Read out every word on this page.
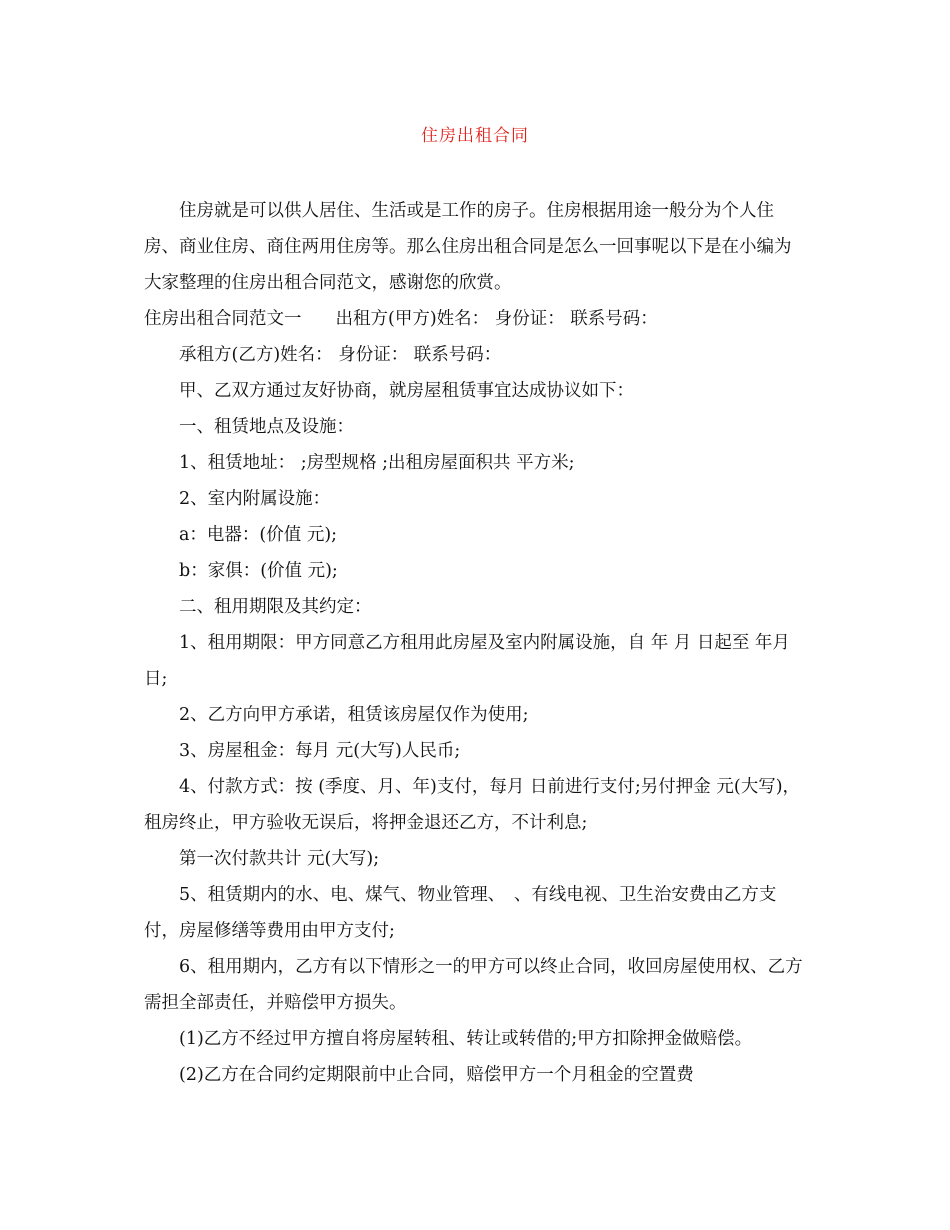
住房出租合同

住房就是可以供人居住、生活或是工作的房子。住房根据用途一般分为个人住房、商业住房、商住两用住房等。那么住房出租合同是怎么一回事呢以下是在小编为大家整理的住房出租合同范文，感谢您的欣赏。

住房出租合同范文一 出租方(甲方)姓名： 身份证： 联系号码：

承租方(乙方)姓名： 身份证： 联系号码：

甲、乙双方通过友好协商，就房屋租赁事宜达成协议如下：

一、租赁地点及设施：

1、租赁地址： ;房型规格 ;出租房屋面积共 平方米;

2、室内附属设施：

a：电器：(价值 元);

b：家俱：(价值 元);

二、租用期限及其约定：

1、租用期限：甲方同意乙方租用此房屋及室内附属设施，自 年 月 日起至 年月 日;

2、乙方向甲方承诺，租赁该房屋仅作为使用;

3、房屋租金：每月 元(大写)人民币;

4、付款方式：按 (季度、月、年)支付，每月 日前进行支付;另付押金 元(大写)，租房终止，甲方验收无误后，将押金退还乙方，不计利息;

第一次付款共计 元(大写);

5、租赁期内的水、电、煤气、物业管理、　、有线电视、卫生治安费由乙方支付，房屋修缮等费用由甲方支付;

6、租用期内，乙方有以下情形之一的甲方可以终止合同，收回房屋使用权、乙方需担全部责任，并赔偿甲方损失。

(1)乙方不经过甲方擅自将房屋转租、转让或转借的;甲方扣除押金做赔偿。

(2)乙方在合同约定期限前中止合同，赔偿甲方一个月租金的空置费
